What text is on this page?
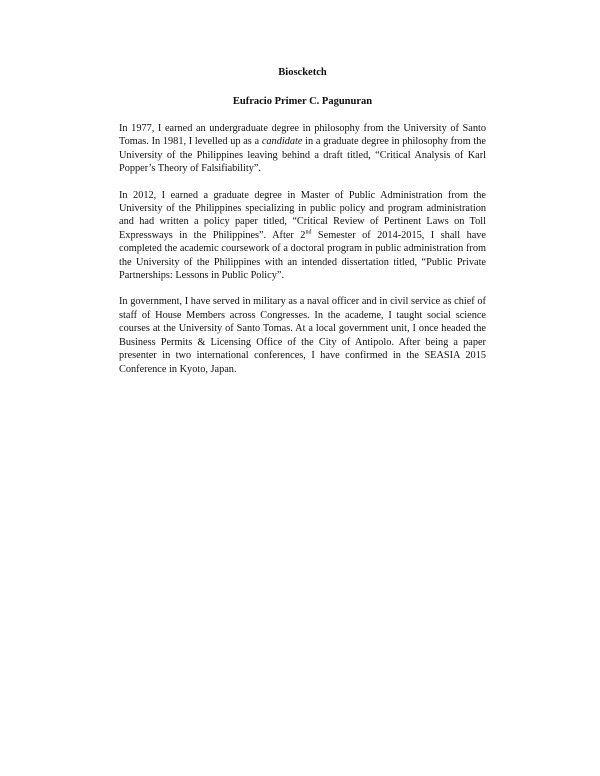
Bioscketch
Eufracio Primer C. Pagunuran

In 1977, I earned an undergraduate degree in philosophy from the University of Santo Tomas. In 1981, I levelled up as a candidate in a graduate degree in philosophy from the University of the Philippines leaving behind a draft titled, “Critical Analysis of Karl Popper’s Theory of Falsifiability”.

In 2012, I earned a graduate degree in Master of Public Administration from the University of the Philippines specializing in public policy and program administration and had written a policy paper titled, “Critical Review of Pertinent Laws on Toll Expressways in the Philippines”. After 2nd Semester of 2014-2015, I shall have completed the academic coursework of a doctoral program in public administration from the University of the Philippines with an intended dissertation titled, “Public Private Partnerships: Lessons in Public Policy”.

In government, I have served in military as a naval officer and in civil service as chief of staff of House Members across Congresses. In the academe, I taught social science courses at the University of Santo Tomas. At a local government unit, I once headed the Business Permits & Licensing Office of the City of Antipolo. After being a paper presenter in two international conferences, I have confirmed in the SEASIA 2015 Conference in Kyoto, Japan.
